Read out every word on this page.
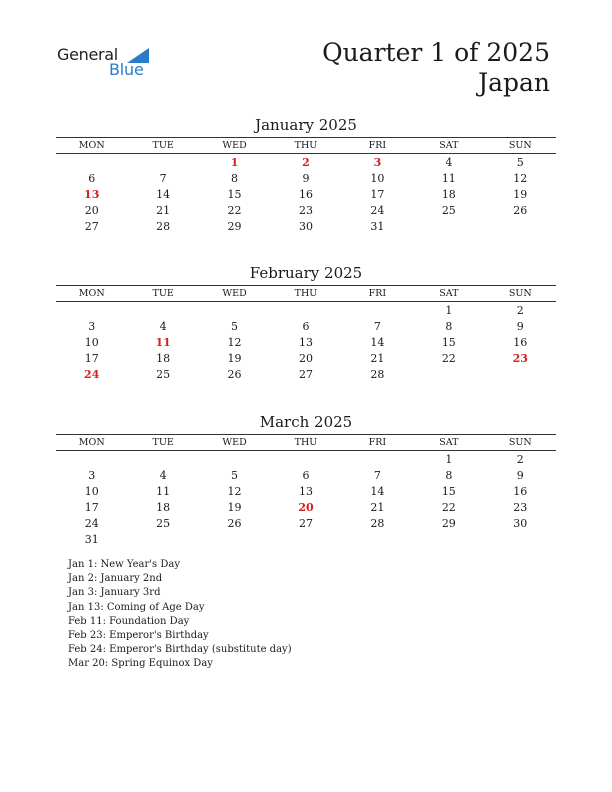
General
Blue
Quarter 1 of 2025
Japan
January 2025
MON	TUE	WED	THU	FRI	SAT	SUN
		1	2	3	4	5
6	7	8	9	10	11	12
13	14	15	16	17	18	19
20	21	22	23	24	25	26
27	28	29	30	31		
February 2025
MON	TUE	WED	THU	FRI	SAT	SUN
					1	2
3	4	5	6	7	8	9
10	11	12	13	14	15	16
17	18	19	20	21	22	23
24	25	26	27	28		
March 2025
MON	TUE	WED	THU	FRI	SAT	SUN
					1	2
3	4	5	6	7	8	9
10	11	12	13	14	15	16
17	18	19	20	21	22	23
24	25	26	27	28	29	30
31						
Jan 1: New Year's Day
Jan 2: January 2nd
Jan 3: January 3rd
Jan 13: Coming of Age Day
Feb 11: Foundation Day
Feb 23: Emperor's Birthday
Feb 24: Emperor's Birthday (substitute day)
Mar 20: Spring Equinox Day
